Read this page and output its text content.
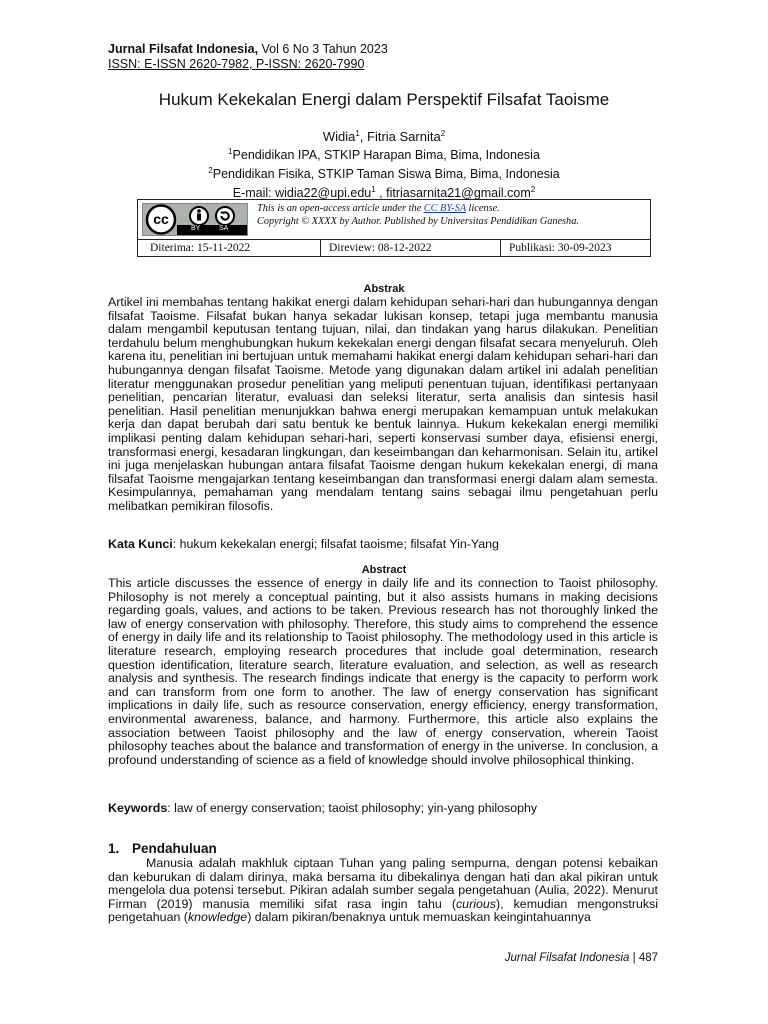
Jurnal Filsafat Indonesia, Vol 6 No 3 Tahun 2023
ISSN: E-ISSN 2620-7982, P-ISSN: 2620-7990
Hukum Kekekalan Energi dalam Perspektif Filsafat Taoisme
Widia$^1$, Fitria Sarnita$^2$
$^1$Pendidikan IPA, STKIP Harapan Bima, Bima, Indonesia
$^2$Pendidikan Fisika, STKIP Taman Siswa Bima, Bima, Indonesia
E-mail: widia22@upi.edu$^1$ , fitriasarnita21@gmail.com$^2$
cc
BY	SA
This is an open-access article under the CC BY-SA license.
Copyright © XXXX by Author. Published by Universitas Pendidikan Ganesha.
Diterima: 15-11-2022	Direview: 08-12-2022	Publikasi: 30-09-2023
Abstrak
Artikel ini membahas tentang hakikat energi dalam kehidupan sehari-hari dan hubungannya dengan filsafat Taoisme. Filsafat bukan hanya sekadar lukisan konsep, tetapi juga membantu manusia dalam mengambil keputusan tentang tujuan, nilai, dan tindakan yang harus dilakukan. Penelitian terdahulu belum menghubungkan hukum kekekalan energi dengan filsafat secara menyeluruh. Oleh karena itu, penelitian ini bertujuan untuk memahami hakikat energi dalam kehidupan sehari-hari dan hubungannya dengan filsafat Taoisme. Metode yang digunakan dalam artikel ini adalah penelitian literatur menggunakan prosedur penelitian yang meliputi penentuan tujuan, identifikasi pertanyaan penelitian, pencarian literatur, evaluasi dan seleksi literatur, serta analisis dan sintesis hasil penelitian. Hasil penelitian menunjukkan bahwa energi merupakan kemampuan untuk melakukan kerja dan dapat berubah dari satu bentuk ke bentuk lainnya. Hukum kekekalan energi memiliki implikasi penting dalam kehidupan sehari-hari, seperti konservasi sumber daya, efisiensi energi, transformasi energi, kesadaran lingkungan, dan keseimbangan dan keharmonisan. Selain itu, artikel ini juga menjelaskan hubungan antara filsafat Taoisme dengan hukum kekekalan energi, di mana filsafat Taoisme mengajarkan tentang keseimbangan dan transformasi energi dalam alam semesta. Kesimpulannya, pemahaman yang mendalam tentang sains sebagai ilmu pengetahuan perlu melibatkan pemikiran filosofis.
Kata Kunci: hukum kekekalan energi; filsafat taoisme; filsafat Yin-Yang
Abstract
This article discusses the essence of energy in daily life and its connection to Taoist philosophy. Philosophy is not merely a conceptual painting, but it also assists humans in making decisions regarding goals, values, and actions to be taken. Previous research has not thoroughly linked the law of energy conservation with philosophy. Therefore, this study aims to comprehend the essence of energy in daily life and its relationship to Taoist philosophy. The methodology used in this article is literature research, employing research procedures that include goal determination, research question identification, literature search, literature evaluation, and selection, as well as research analysis and synthesis. The research findings indicate that energy is the capacity to perform work and can transform from one form to another. The law of energy conservation has significant implications in daily life, such as resource conservation, energy efficiency, energy transformation, environmental awareness, balance, and harmony. Furthermore, this article also explains the association between Taoist philosophy and the law of energy conservation, wherein Taoist philosophy teaches about the balance and transformation of energy in the universe. In conclusion, a profound understanding of science as a field of knowledge should involve philosophical thinking.
Keywords: law of energy conservation; taoist philosophy; yin-yang philosophy
1. Pendahuluan
Manusia adalah makhluk ciptaan Tuhan yang paling sempurna, dengan potensi kebaikan dan keburukan di dalam dirinya, maka bersama itu dibekalinya dengan hati dan akal pikiran untuk mengelola dua potensi tersebut. Pikiran adalah sumber segala pengetahuan (Aulia, 2022). Menurut Firman (2019) manusia memiliki sifat rasa ingin tahu (curious), kemudian mengonstruksi pengetahuan (knowledge) dalam pikiran/benaknya untuk memuaskan keingintahuannya
Jurnal Filsafat Indonesia | 487
